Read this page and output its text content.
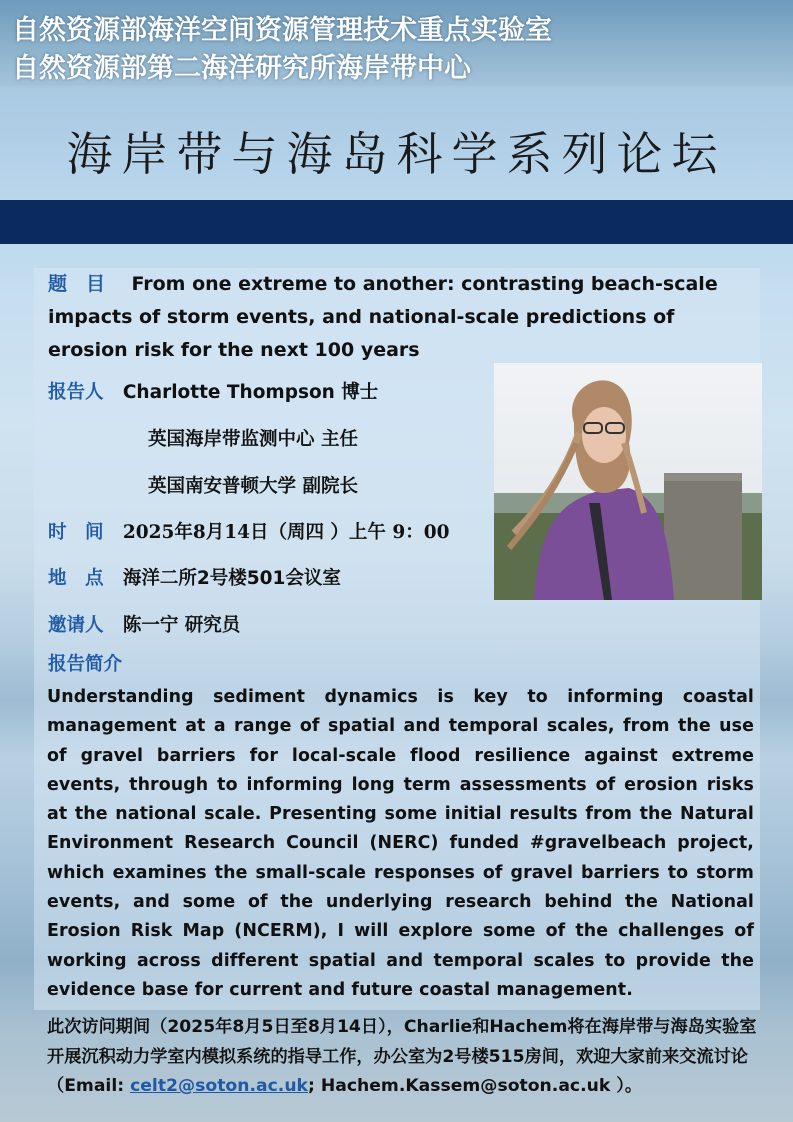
自然资源部海洋空间资源管理技术重点实验室
自然资源部第二海洋研究所海岸带中心
海岸带与海岛科学系列论坛
题　目 From one extreme to another: contrasting beach-scale impacts of storm events, and national-scale predictions of erosion risk for the next 100 years
报告人 Charlotte Thompson 博士
英国海岸带监测中心 主任
英国南安普顿大学 副院长
时　间 2025年8月14日（周四 ）上午 9：00
地　点 海洋二所2号楼501会议室
邀请人 陈一宁 研究员
报告简介
Understanding sediment dynamics is key to informing coastal management at a range of spatial and temporal scales, from the use of gravel barriers for local-scale flood resilience against extreme events, through to informing long term assessments of erosion risks at the national scale. Presenting some initial results from the Natural Environment Research Council (NERC) funded #gravelbeach project, which examines the small-scale responses of gravel barriers to storm events, and some of the underlying research behind the National Erosion Risk Map (NCERM), I will explore some of the challenges of working across different spatial and temporal scales to provide the evidence base for current and future coastal management.
此次访问期间（2025年8月5日至8月14日），Charlie和Hachem将在海岸带与海岛实验室开展沉积动力学室内模拟系统的指导工作，办公室为2号楼515房间，欢迎大家前来交流讨论（Email: celt2@soton.ac.uk; Hachem.Kassem@soton.ac.uk ）。
